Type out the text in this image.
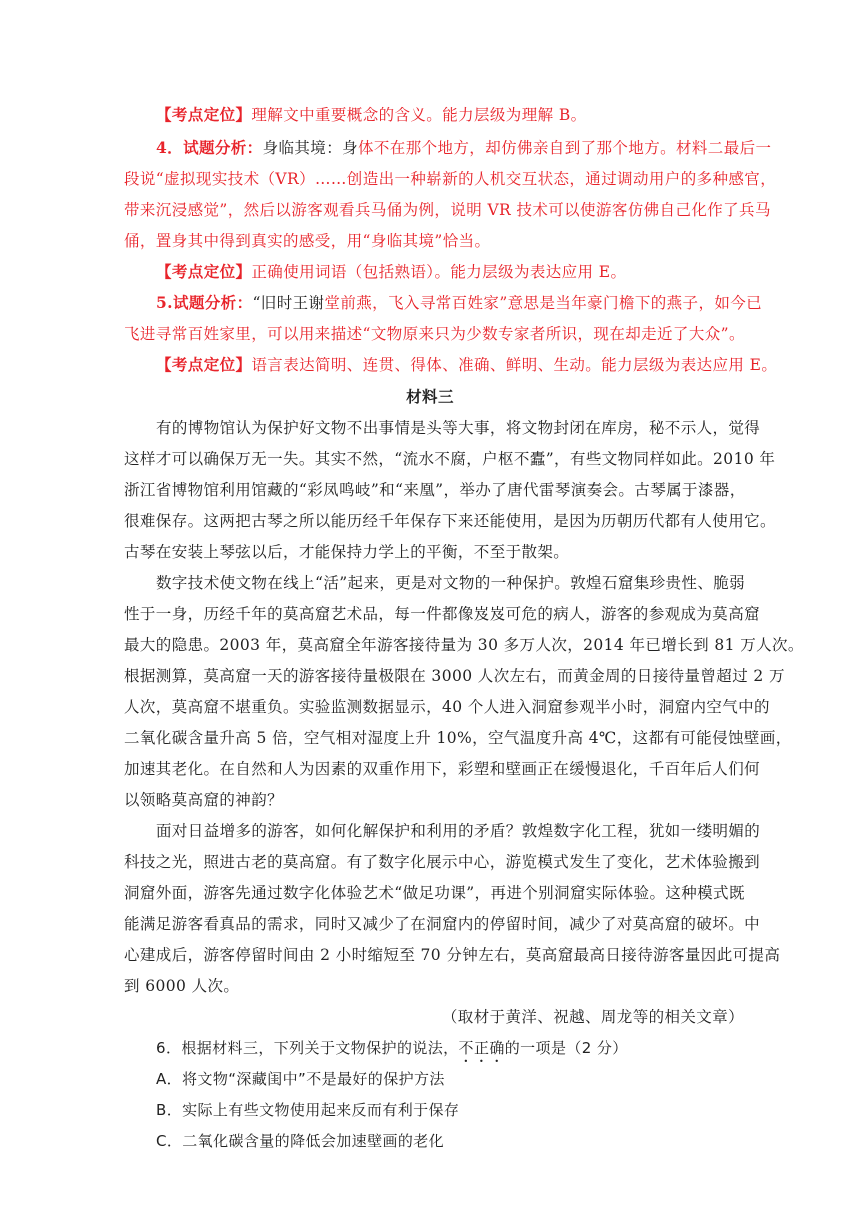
【考点定位】理解文中重要概念的含义。能力层级为理解 B。
4．试题分析：身临其境：身体不在那个地方，却仿佛亲自到了那个地方。材料二最后一
段说“虚拟现实技术（VR）……创造出一种崭新的人机交互状态，通过调动用户的多种感官，
带来沉浸感觉”，然后以游客观看兵马俑为例，说明 VR 技术可以使游客仿佛自己化作了兵马
俑，置身其中得到真实的感受，用“身临其境”恰当。
【考点定位】正确使用词语（包括熟语）。能力层级为表达应用 E。
5.试题分析：“旧时王谢堂前燕，飞入寻常百姓家”意思是当年豪门檐下的燕子，如今已
飞进寻常百姓家里，可以用来描述“文物原来只为少数专家者所识，现在却走近了大众”。
【考点定位】语言表达简明、连贯、得体、准确、鲜明、生动。能力层级为表达应用 E。
材料三
有的博物馆认为保护好文物不出事情是头等大事，将文物封闭在库房，秘不示人，觉得
这样才可以确保万无一失。其实不然，“流水不腐，户枢不蠹”，有些文物同样如此。2010 年
浙江省博物馆利用馆藏的“彩凤鸣岐”和“来凰”，举办了唐代雷琴演奏会。古琴属于漆器，
很难保存。这两把古琴之所以能历经千年保存下来还能使用，是因为历朝历代都有人使用它。
古琴在安装上琴弦以后，才能保持力学上的平衡，不至于散架。
数字技术使文物在线上“活”起来，更是对文物的一种保护。敦煌石窟集珍贵性、脆弱
性于一身，历经千年的莫高窟艺术品，每一件都像岌岌可危的病人，游客的参观成为莫高窟
最大的隐患。2003 年，莫高窟全年游客接待量为 30 多万人次，2014 年已增长到 81 万人次。
根据测算，莫高窟一天的游客接待量极限在 3000 人次左右，而黄金周的日接待量曾超过 2 万
人次，莫高窟不堪重负。实验监测数据显示，40 个人进入洞窟参观半小时，洞窟内空气中的
二氧化碳含量升高 5 倍，空气相对湿度上升 10%，空气温度升高 4℃，这都有可能侵蚀壁画，
加速其老化。在自然和人为因素的双重作用下，彩塑和壁画正在缓慢退化，千百年后人们何
以领略莫高窟的神韵？
面对日益增多的游客，如何化解保护和利用的矛盾？敦煌数字化工程，犹如一缕明媚的
科技之光，照进古老的莫高窟。有了数字化展示中心，游览模式发生了变化，艺术体验搬到
洞窟外面，游客先通过数字化体验艺术“做足功课”，再进个别洞窟实际体验。这种模式既
能满足游客看真品的需求，同时又减少了在洞窟内的停留时间，减少了对莫高窟的破坏。中
心建成后，游客停留时间由 2 小时缩短至 70 分钟左右，莫高窟最高日接待游客量因此可提高
到 6000 人次。
（取材于黄洋、祝越、周龙等的相关文章）
6．根据材料三，下列关于文物保护的说法，不正确的一项是（2 分）
A．将文物“深藏闺中”不是最好的保护方法
B．实际上有些文物使用起来反而有利于保存
C．二氧化碳含量的降低会加速壁画的老化
